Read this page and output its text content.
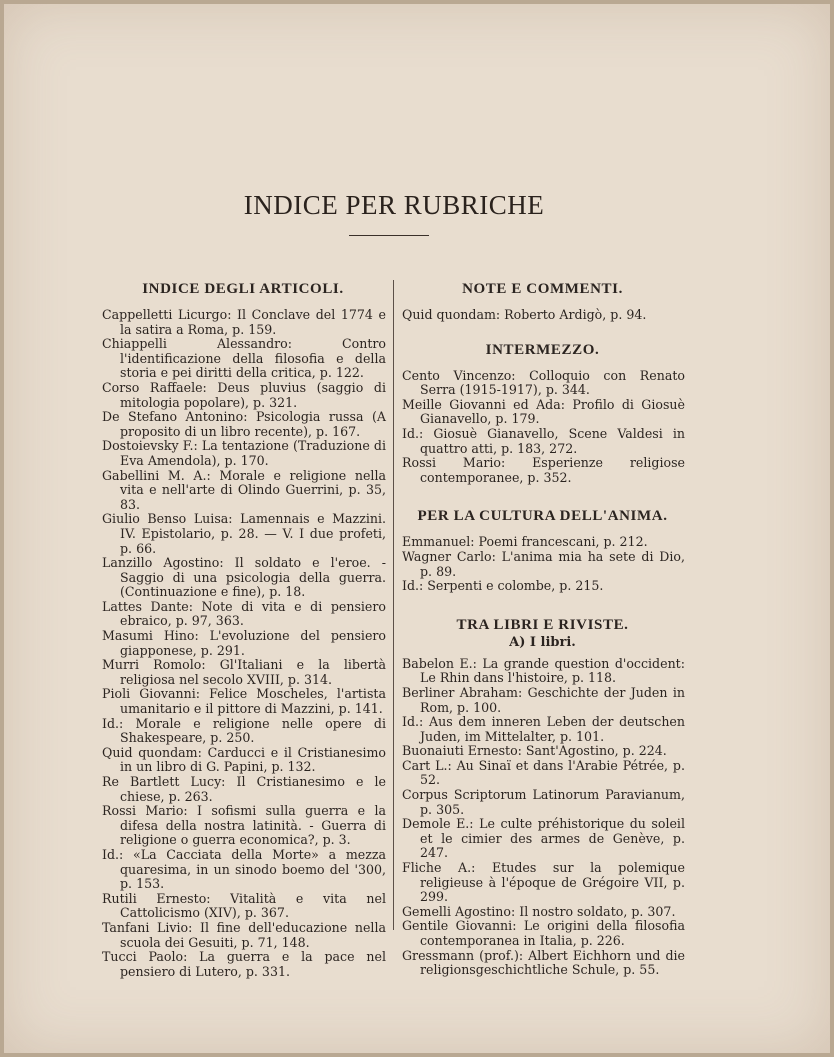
INDICE PER RUBRICHE
INDICE DEGLI ARTICOLI.

Cappelletti Licurgo: Il Conclave del 1774 e la satira a Roma, p. 159.

Chiappelli Alessandro: Contro l'identificazione della filosofia e della storia e pei diritti della critica, p. 122.

Corso Raffaele: Deus pluvius (saggio di mitologia popolare), p. 321.

De Stefano Antonino: Psicologia russa (A proposito di un libro recente), p. 167.

Dostoievsky F.: La tentazione (Traduzione di Eva Amendola), p. 170.

Gabellini M. A.: Morale e religione nella vita e nell'arte di Olindo Guerrini, p. 35, 83.

Giulio Benso Luisa: Lamennais e Mazzini. IV. Epistolario, p. 28. — V. I due profeti, p. 66.

Lanzillo Agostino: Il soldato e l'eroe. - Saggio di una psicologia della guerra. (Continuazione e fine), p. 18.

Lattes Dante: Note di vita e di pensiero ebraico, p. 97, 363.

Masumi Hino: L'evoluzione del pensiero giapponese, p. 291.

Murri Romolo: Gl'Italiani e la libertà religiosa nel secolo XVIII, p. 314.

Pioli Giovanni: Felice Moscheles, l'artista umanitario e il pittore di Mazzini, p. 141.

Id.: Morale e religione nelle opere di Shakespeare, p. 250.

Quid quondam: Carducci e il Cristianesimo in un libro di G. Papini, p. 132.

Re Bartlett Lucy: Il Cristianesimo e le chiese, p. 263.

Rossi Mario: I sofismi sulla guerra e la difesa della nostra latinità. - Guerra di religione o guerra economica?, p. 3.

Id.: «La Cacciata della Morte» a mezza quaresima, in un sinodo boemo del '300, p. 153.

Rutili Ernesto: Vitalità e vita nel Cattolicismo (XIV), p. 367.

Tanfani Livio: Il fine dell'educazione nella scuola dei Gesuiti, p. 71, 148.

Tucci Paolo: La guerra e la pace nel pensiero di Lutero, p. 331.

NOTE E COMMENTI.

Quid quondam: Roberto Ardigò, p. 94.

INTERMEZZO.

Cento Vincenzo: Colloquio con Renato Serra (1915-1917), p. 344.

Meille Giovanni ed Ada: Profilo di Giosuè Gianavello, p. 179.

Id.: Giosuè Gianavello, Scene Valdesi in quattro atti, p. 183, 272.

Rossi Mario: Esperienze religiose contemporanee, p. 352.

PER LA CULTURA DELL'ANIMA.

Emmanuel: Poemi francescani, p. 212.

Wagner Carlo: L'anima mia ha sete di Dio, p. 89.

Id.: Serpenti e colombe, p. 215.

TRA LIBRI E RIVISTE.
A) I libri.

Babelon E.: La grande question d'occident: Le Rhin dans l'histoire, p. 118.

Berliner Abraham: Geschichte der Juden in Rom, p. 100.

Id.: Aus dem inneren Leben der deutschen Juden, im Mittelalter, p. 101.

Buonaiuti Ernesto: Sant'Agostino, p. 224.

Cart L.: Au Sinaï et dans l'Arabie Pétrée, p. 52.

Corpus Scriptorum Latinorum Paravianum, p. 305.

Demole E.: Le culte préhistorique du soleil et le cimier des armes de Genève, p. 247.

Fliche A.: Etudes sur la polemique religieuse à l'époque de Grégoire VII, p. 299.

Gemelli Agostino: Il nostro soldato, p. 307.

Gentile Giovanni: Le origini della filosofia contemporanea in Italia, p. 226.

Gressmann (prof.): Albert Eichhorn und die religionsgeschichtliche Schule, p. 55.
